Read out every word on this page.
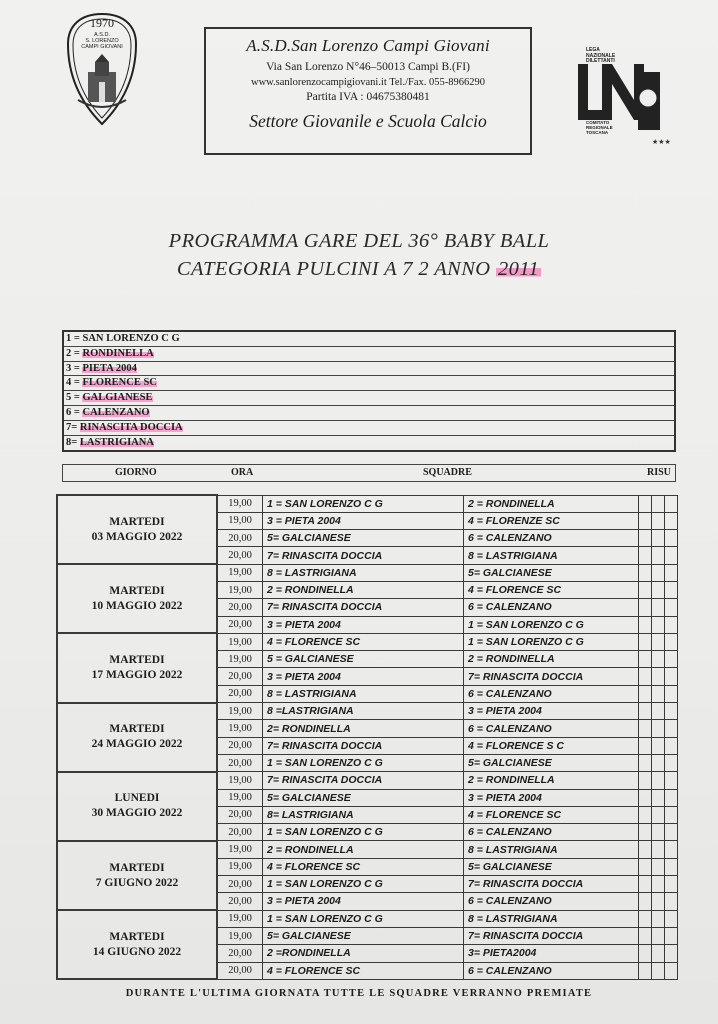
1970
A.S.D.
S. LORENZO
CAMPI GIOVANI	A.S.D.San Lorenzo Campi Giovani
Via San Lorenzo N°46–50013 Campi B.(FI)
www.sanlorenzocampigiovani.it Tel./Fax. 055-8966290
Partita IVA : 04675380481
Settore Giovanile e Scuola Calcio
★★★
LEGA
NAZIONALE
DILETTANTI
COMITATO
REGIONALE
TOSCANA
PROGRAMMA GARE DEL 36° BABY BALL
CATEGORIA PULCINI A 7 2 ANNO 2011
1 = SAN LORENZO C G
2 = RONDINELLA
3 = PIETA 2004
4 = FLORENCE SC
5 = GALGIANESE
6 = CALENZANO
7= RINASCITA DOCCIA
8= LASTRIGIANA
GIORNO	ORA	SQUADRE	RISU
MARTEDI
03 MAGGIO 2022	19,00	1 = SAN LORENZO C G	2 = RONDINELLA			
	19,00	3 = PIETA 2004	4 = FLORENZE SC			
	20,00	5= GALCIANESE	6 = CALENZANO			
	20,00	7= RINASCITA DOCCIA	8 = LASTRIGIANA			

MARTEDI
10 MAGGIO 2022	19,00	8 = LASTRIGIANA	5= GALCIANESE			
	19,00	2 = RONDINELLA	4 = FLORENCE SC			
	20,00	7= RINASCITA DOCCIA	6 = CALENZANO			
	20,00	3 = PIETA 2004	1 = SAN LORENZO C G			

MARTEDI
17 MAGGIO 2022	19,00	4 = FLORENCE SC	1 = SAN LORENZO C G			
	19,00	5 = GALCIANESE	2 = RONDINELLA			
	20,00	3 = PIETA 2004	7= RINASCITA DOCCIA			
	20,00	8 = LASTRIGIANA	6 = CALENZANO			

MARTEDI
24 MAGGIO 2022	19,00	8 =LASTRIGIANA	3 = PIETA 2004			
	19,00	2= RONDINELLA	6 = CALENZANO			
	20,00	7= RINASCITA DOCCIA	4 = FLORENCE S C			
	20,00	1 = SAN LORENZO C G	5= GALCIANESE			

LUNEDI
30 MAGGIO 2022	19,00	7= RINASCITA DOCCIA	2 = RONDINELLA			
	19,00	5= GALCIANESE	3 = PIETA 2004			
	20,00	8= LASTRIGIANA	4 = FLORENCE SC			
	20,00	1 = SAN LORENZO C G	6 = CALENZANO			

MARTEDI
7 GIUGNO 2022	19,00	2 = RONDINELLA	8 = LASTRIGIANA			
	19,00	4 = FLORENCE SC	5= GALCIANESE			
	20,00	1 = SAN LORENZO C G	7= RINASCITA DOCCIA			
	20,00	3 = PIETA 2004	6 = CALENZANO			

MARTEDI
14 GIUGNO 2022	19,00	1 = SAN LORENZO C G	8 = LASTRIGIANA			
	19,00	5= GALCIANESE	7= RINASCITA DOCCIA			
	20,00	2 =RONDINELLA	3= PIETA2004			
	20,00	4 = FLORENCE SC	6 = CALENZANO			
DURANTE L'ULTIMA GIORNATA TUTTE LE SQUADRE VERRANNO PREMIATE
